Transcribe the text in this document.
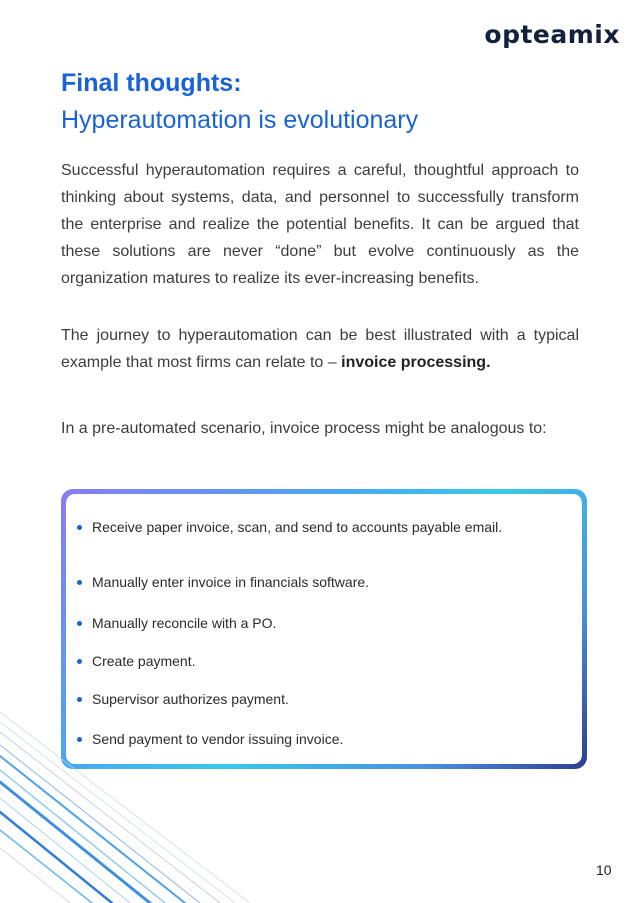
opteamix
Final thoughts:
Hyperautomation is evolutionary

Successful hyperautomation requires a careful, thoughtful approach to thinking about systems, data, and personnel to successfully transform the enterprise and realize the potential benefits. It can be argued that these solutions are never “done” but evolve continuously as the organization matures to realize its ever-increasing benefits.

The journey to hyperautomation can be best illustrated with a typical example that most firms can relate to – invoice processing.

In a pre-automated scenario, invoice process might be analogous to:

Receive paper invoice, scan, and send to accounts payable email.
Manually enter invoice in financials software.
Manually reconcile with a PO.
Create payment.
Supervisor authorizes payment.
Send payment to vendor issuing invoice.
10
